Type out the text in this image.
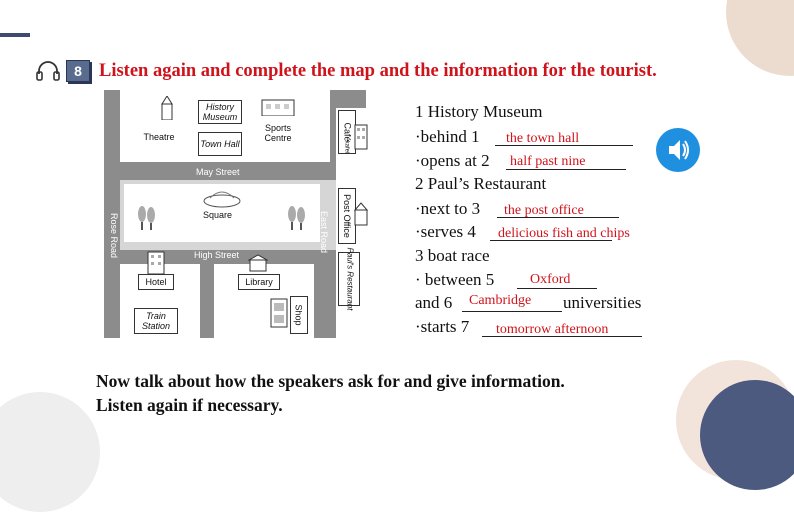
8 Listen again and complete the map and the information for the tourist.
Theatre
History Museum
Town Hall
Sports Centre
May Street
High Street
Rose Road	East Road
Square
Café
kafei
Post Office
Paul's Restaurant
Hotel	Library
Train Station
Shop
1 History Museum
·behind 1 the town hall
·opens at 2 half past nine
2 Paul’s Restaurant
·next to 3 the post office
·serves 4 delicious fish and chips
3 boat race
· between 5	Oxford
and 6 Cambridge universities
·starts 7 tomorrow afternoon
Now talk about how the speakers ask for and give information.
Listen again if necessary.
